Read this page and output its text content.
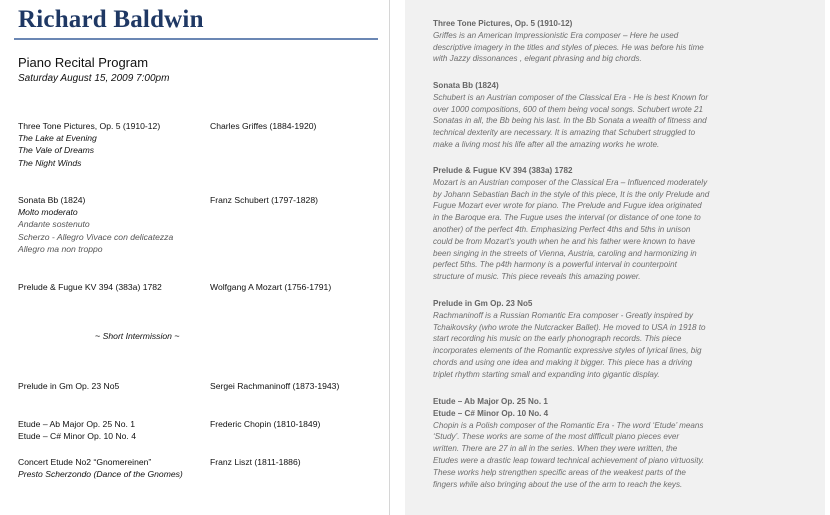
Richard Baldwin
Piano Recital Program
Saturday August 15, 2009 7:00pm
Three Tone Pictures, Op. 5 (1910-12)
The Lake at Evening
The Vale of Dreams
The Night Winds
Charles Griffes (1884-1920)
Sonata Bb (1824)
Molto moderato
Andante sostenuto
Scherzo - Allegro Vivace con delicatezza
Allegro ma non troppo
Franz Schubert (1797-1828)
Prelude & Fugue KV 394 (383a) 1782	Wolfgang A Mozart (1756-1791)
~ Short Intermission ~
Prelude in Gm Op. 23 No5	Sergei Rachmaninoff (1873-1943)
Etude – Ab Major Op. 25 No. 1
Etude – C# Minor Op. 10 No. 4
Frederic Chopin (1810-1849)
Concert Etude No2 “Gnomereinen”
Presto Scherzondo (Dance of the Gnomes)
Franz Liszt (1811-1886)
Three Tone Pictures, Op. 5 (1910-12)
Griffes is an American Impressionistic Era composer – Here he used
descriptive imagery in the titles and styles of pieces. He was before his time
with Jazzy dissonances , elegant phrasing and big chords.
Sonata Bb (1824)
Schubert is an Austrian composer of the Classical Era - He is best Known for
over 1000 compositions, 600 of them being vocal songs. Schubert wrote 21
Sonatas in all, the Bb being his last. In the Bb Sonata a wealth of fitness and
technical dexterity are necessary. It is amazing that Schubert struggled to
make a living most his life after all the amazing works he wrote.
Prelude & Fugue KV 394 (383a) 1782
Mozart is an Austrian composer of the Classical Era – Influenced moderately
by Johann Sebastian Bach in the style of this piece, It is the only Prelude and
Fugue Mozart ever wrote for piano. The Prelude and Fugue idea originated
in the Baroque era. The Fugue uses the interval (or distance of one tone to
another) of the perfect 4th. Emphasizing Perfect 4ths and 5ths in unison
could be from Mozart’s youth when he and his father were known to have
been singing in the streets of Vienna, Austria, caroling and harmonizing in
perfect 5ths. The p4th harmony is a powerful interval in counterpoint
structure of music. This piece reveals this amazing power.
Prelude in Gm Op. 23 No5
Rachmaninoff is a Russian Romantic Era composer - Greatly inspired by
Tchaikovsky (who wrote the Nutcracker Ballet). He moved to USA in 1918 to
start recording his music on the early phonograph records. This piece
incorporates elements of the Romantic expressive styles of lyrical lines, big
chords and using one idea and making it bigger. This piece has a driving
triplet rhythm starting small and expanding into gigantic display.
Etude – Ab Major Op. 25 No. 1
Etude – C# Minor Op. 10 No. 4
Chopin is a Polish composer of the Romantic Era - The word ‘Etude’ means
‘Study’. These works are some of the most difficult piano pieces ever
written. There are 27 in all in the series. When they were written, the
Etudes were a drastic leap toward technical achievement of piano virtuosity.
These works help strengthen specific areas of the weakest parts of the
fingers while also bringing about the use of the arm to reach the keys.
